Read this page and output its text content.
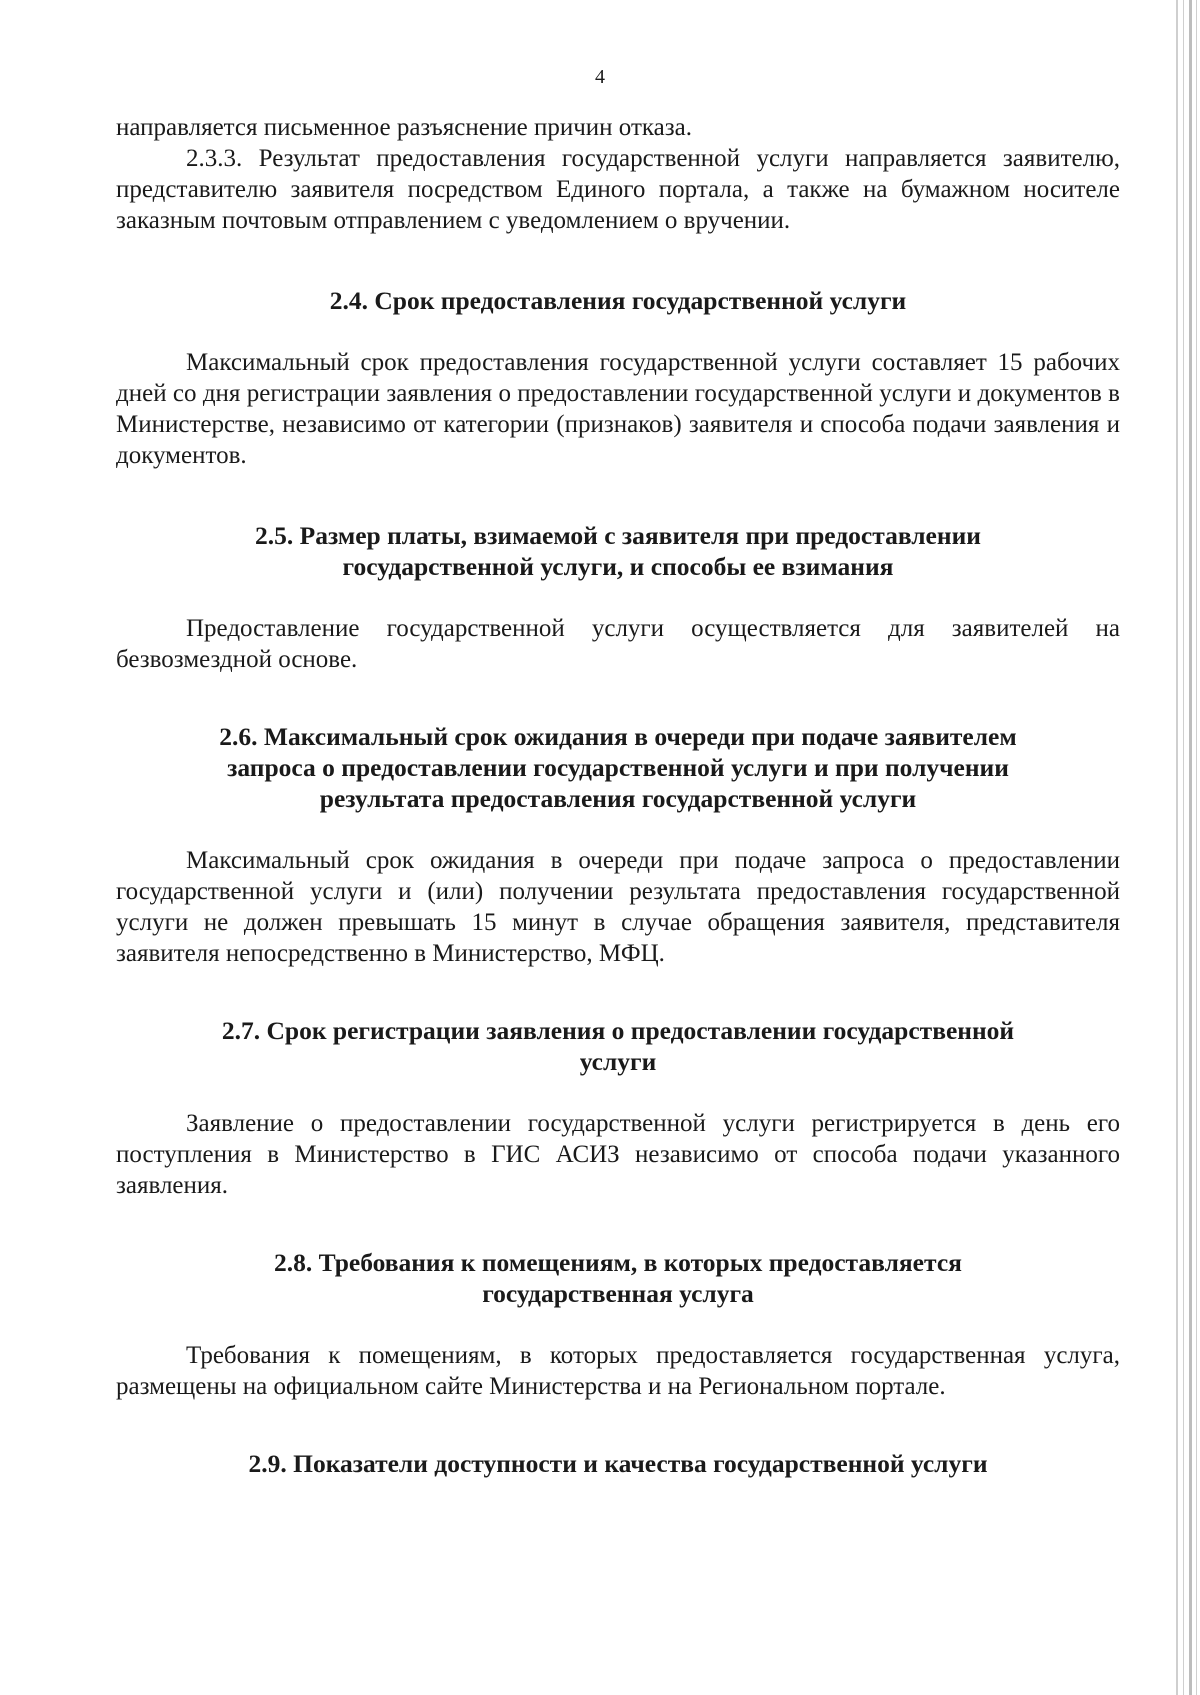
4

направляется письменное разъяснение причин отказа.

2.3.3. Результат предоставления государственной услуги направляется заявителю, представителю заявителя посредством Единого портала, а также на бумажном носителе заказным почтовым отправлением с уведомлением о вручении.

2.4. Срок предоставления государственной услуги

Максимальный срок предоставления государственной услуги составляет 15 рабочих дней со дня регистрации заявления о предоставлении государственной услуги и документов в Министерстве, независимо от категории (признаков) заявителя и способа подачи заявления и документов.

2.5. Размер платы, взимаемой с заявителя при предоставлении
государственной услуги, и способы ее взимания

Предоставление государственной услуги осуществляется для заявителей на безвозмездной основе.

2.6. Максимальный срок ожидания в очереди при подаче заявителем
запроса о предоставлении государственной услуги и при получении
результата предоставления государственной услуги

Максимальный срок ожидания в очереди при подаче запроса о предоставлении государственной услуги и (или) получении результата предоставления государственной услуги не должен превышать 15 минут в случае обращения заявителя, представителя заявителя непосредственно в Министерство, МФЦ.

2.7. Срок регистрации заявления о предоставлении государственной
услуги

Заявление о предоставлении государственной услуги регистрируется в день его поступления в Министерство в ГИС АСИЗ независимо от способа подачи указанного заявления.

2.8. Требования к помещениям, в которых предоставляется
государственная услуга

Требования к помещениям, в которых предоставляется государственная услуга, размещены на официальном сайте Министерства и на Региональном портале.

2.9. Показатели доступности и качества государственной услуги
